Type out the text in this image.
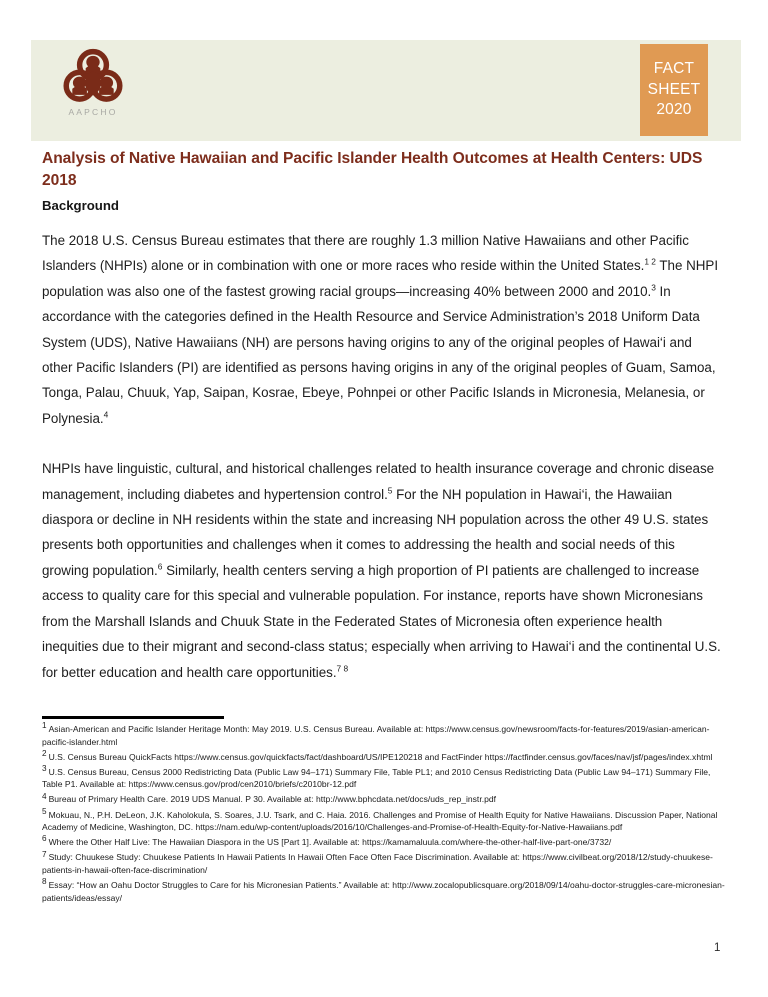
AAPCHO
FACT
SHEET
2020
Analysis of Native Hawaiian and Pacific Islander Health Outcomes at Health Centers: UDS 2018
Background

The 2018 U.S. Census Bureau estimates that there are roughly 1.3 million Native Hawaiians and other Pacific Islanders (NHPIs) alone or in combination with one or more races who reside within the United States.$^{1 2}$ The NHPI population was also one of the fastest growing racial groups—increasing 40% between 2000 and 2010.$^3$ In accordance with the categories defined in the Health Resource and Service Administration’s 2018 Uniform Data System (UDS), Native Hawaiians (NH) are persons having origins to any of the original peoples of Hawai‘i and other Pacific Islanders (PI) are identified as persons having origins in any of the original peoples of Guam, Samoa, Tonga, Palau, Chuuk, Yap, Saipan, Kosrae, Ebeye, Pohnpei or other Pacific Islands in Micronesia, Melanesia, or Polynesia.$^4$

NHPIs have linguistic, cultural, and historical challenges related to health insurance coverage and chronic disease management, including diabetes and hypertension control.$^5$ For the NH population in Hawai‘i, the Hawaiian diaspora or decline in NH residents within the state and increasing NH population across the other 49 U.S. states presents both opportunities and challenges when it comes to addressing the health and social needs of this growing population.$^6$ Similarly, health centers serving a high proportion of PI patients are challenged to increase access to quality care for this special and vulnerable population. For instance, reports have shown Micronesians from the Marshall Islands and Chuuk State in the Federated States of Micronesia often experience health inequities due to their migrant and second-class status; especially when arriving to Hawai‘i and the continental U.S. for better education and health care opportunities.$^{7 8}$

1 Asian-American and Pacific Islander Heritage Month: May 2019. U.S. Census Bureau. Available at: https://www.census.gov/newsroom/facts-for-features/2019/asian-american-pacific-islander.html

2 U.S. Census Bureau QuickFacts https://www.census.gov/quickfacts/fact/dashboard/US/IPE120218 and FactFinder https://factfinder.census.gov/faces/nav/jsf/pages/index.xhtml

3 U.S. Census Bureau, Census 2000 Redistricting Data (Public Law 94–171) Summary File, Table PL1; and 2010 Census Redistricting Data (Public Law 94–171) Summary File, Table P1. Available at: https://www.census.gov/prod/cen2010/briefs/c2010br-12.pdf

4 Bureau of Primary Health Care. 2019 UDS Manual. P 30. Available at: http://www.bphcdata.net/docs/uds_rep_instr.pdf

5 Mokuau, N., P.H. DeLeon, J.K. Kaholokula, S. Soares, J.U. Tsark, and C. Haia. 2016. Challenges and Promise of Health Equity for Native Hawaiians. Discussion Paper, National Academy of Medicine, Washington, DC. https://nam.edu/wp-content/uploads/2016/10/Challenges-and-Promise-of-Health-Equity-for-Native-Hawaiians.pdf

6 Where the Other Half Live: The Hawaiian Diaspora in the US [Part 1]. Available at: https://kamamaluula.com/where-the-other-half-live-part-one/3732/

7 Study: Chuukese Study: Chuukese Patients In Hawaii Patients In Hawaii Often Face Often Face Discrimination. Available at: https://www.civilbeat.org/2018/12/study-chuukese-patients-in-hawaii-often-face-discrimination/

8 Essay: “How an Oahu Doctor Struggles to Care for his Micronesian Patients.” Available at: http://www.zocalopublicsquare.org/2018/09/14/oahu-doctor-struggles-care-micronesian-patients/ideas/essay/

1
